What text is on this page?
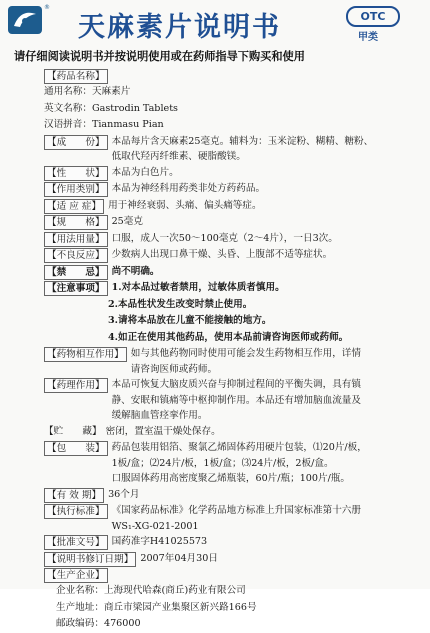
®
天麻素片说明书	OTC
甲类
请仔细阅读说明书并按说明使用或在药师指导下购买和使用
【药品名称】
通用名称： 天麻素片
英文名称： Gastrodin Tablets
汉语拼音： Tianmasu Pian
【成　　份】 本品每片含天麻素25毫克。辅料为：玉米淀粉、糊精、糖粉、
低取代羟丙纤维素、硬脂酸镁。
【性　　状】 本品为白色片。
【作用类别】 本品为神经科用药类非处方药药品。
【适 应 症】 用于神经衰弱、头痛、偏头痛等症。
【规　　格】 25毫克
【用法用量】 口服，成人一次50～100毫克（2～4片），一日3次。
【不良反应】 少数病人出现口鼻干燥、头昏、上腹部不适等症状。
【禁　　忌】 尚不明确。
【注意事项】 1.对本品过敏者禁用，过敏体质者慎用。
2.本品性状发生改变时禁止使用。
3.请将本品放在儿童不能接触的地方。
4.如正在使用其他药品，使用本品前请咨询医师或药师。
【药物相互作用】 如与其他药物同时使用可能会发生药物相互作用，详情
请咨询医师或药师。
【药理作用】 本品可恢复大脑皮质兴奋与抑制过程间的平衡失调，具有镇
静、安眠和镇痛等中枢抑制作用。本品还有增加脑血流量及
缓解脑血管痉挛作用。
【贮　　藏】 密闭，置室温干燥处保存。
【包　　装】 药品包装用铝箔、聚氯乙烯固体药用硬片包装，⑴20片/板，
1板/盒；⑵24片/板，1板/盒；⑶24片/板，2板/盒。
口服固体药用高密度聚乙烯瓶装，60片/瓶；100片/瓶。
【有 效 期】 36个月
【执行标准】 《国家药品标准》化学药品地方标准上升国家标准第十六册
WS₁-XG-021-2001
【批准文号】 国药准字H41025573
【说明书修订日期】 2007年04月30日
【生产企业】
企业名称： 上海现代哈森(商丘)药业有限公司
生产地址： 商丘市梁园产业集聚区新兴路166号
邮政编码： 476000
